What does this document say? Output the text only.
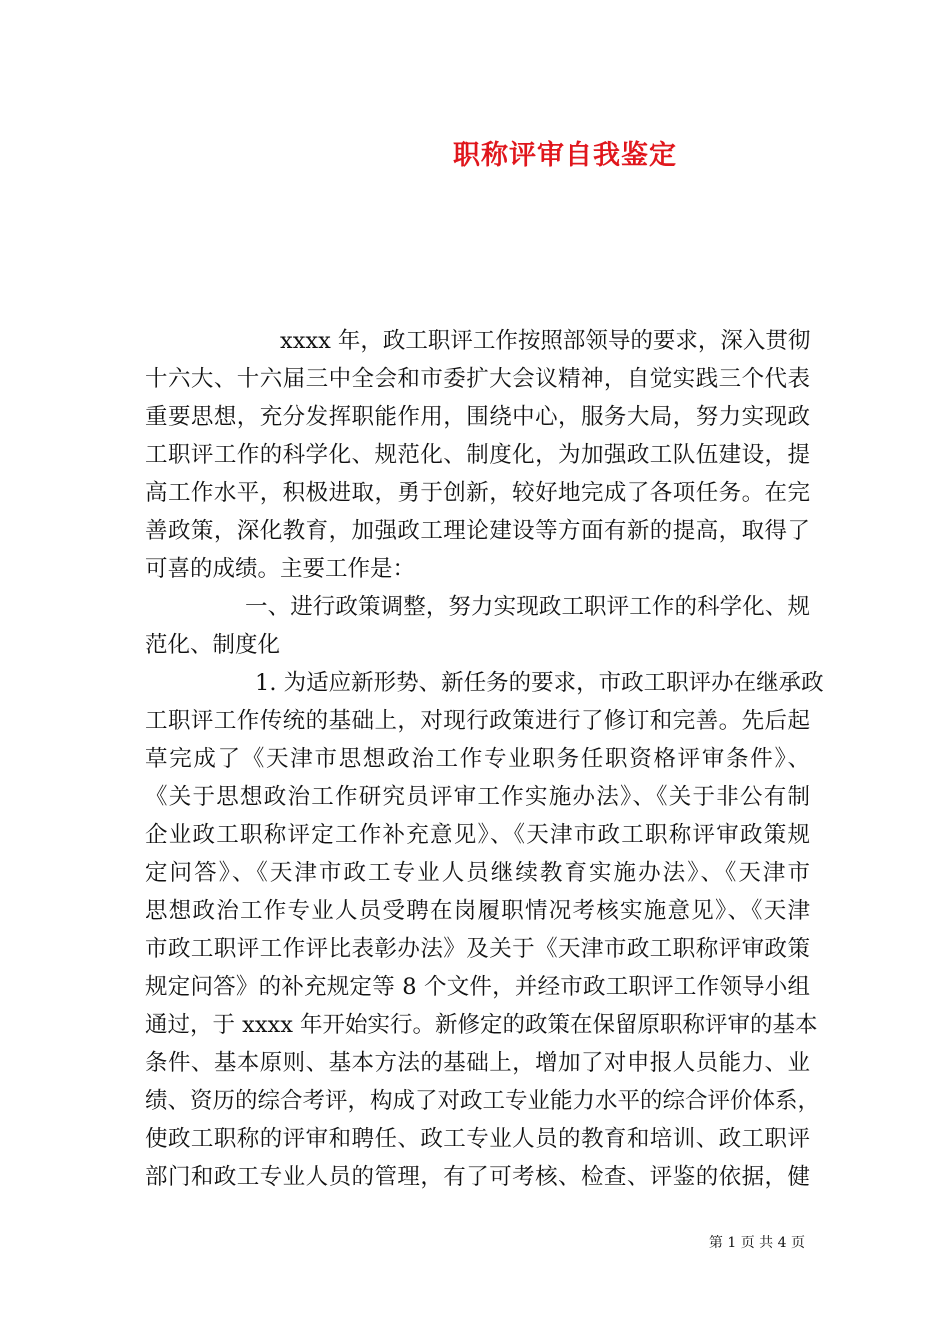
职称评审自我鉴定
xxxx 年，政工职评工作按照部领导的要求，深入贯彻
十六大、十六届三中全会和市委扩大会议精神，自觉实践三个代表
重要思想，充分发挥职能作用，围绕中心，服务大局，努力实现政
工职评工作的科学化、规范化、制度化，为加强政工队伍建设，提
高工作水平，积极进取，勇于创新，较好地完成了各项任务。在完
善政策，深化教育，加强政工理论建设等方面有新的提高，取得了
可喜的成绩。主要工作是：
一、进行政策调整，努力实现政工职评工作的科学化、规
范化、制度化
1. 为适应新形势、新任务的要求，市政工职评办在继承政
工职评工作传统的基础上，对现行政策进行了修订和完善。先后起
草完成了《天津市思想政治工作专业职务任职资格评审条件》、
《关于思想政治工作研究员评审工作实施办法》、《关于非公有制
企业政工职称评定工作补充意见》、《天津市政工职称评审政策规
定问答》、《天津市政工专业人员继续教育实施办法》、《天津市
思想政治工作专业人员受聘在岗履职情况考核实施意见》、《天津
市政工职评工作评比表彰办法》及关于《天津市政工职称评审政策
规定问答》的补充规定等 8 个文件，并经市政工职评工作领导小组
通过，于 xxxx 年开始实行。新修定的政策在保留原职称评审的基本
条件、基本原则、基本方法的基础上，增加了对申报人员能力、业
绩、资历的综合考评，构成了对政工专业能力水平的综合评价体系，
使政工职称的评审和聘任、政工专业人员的教育和培训、政工职评
部门和政工专业人员的管理，有了可考核、检查、评鉴的依据，健
第 1 页 共 4 页
